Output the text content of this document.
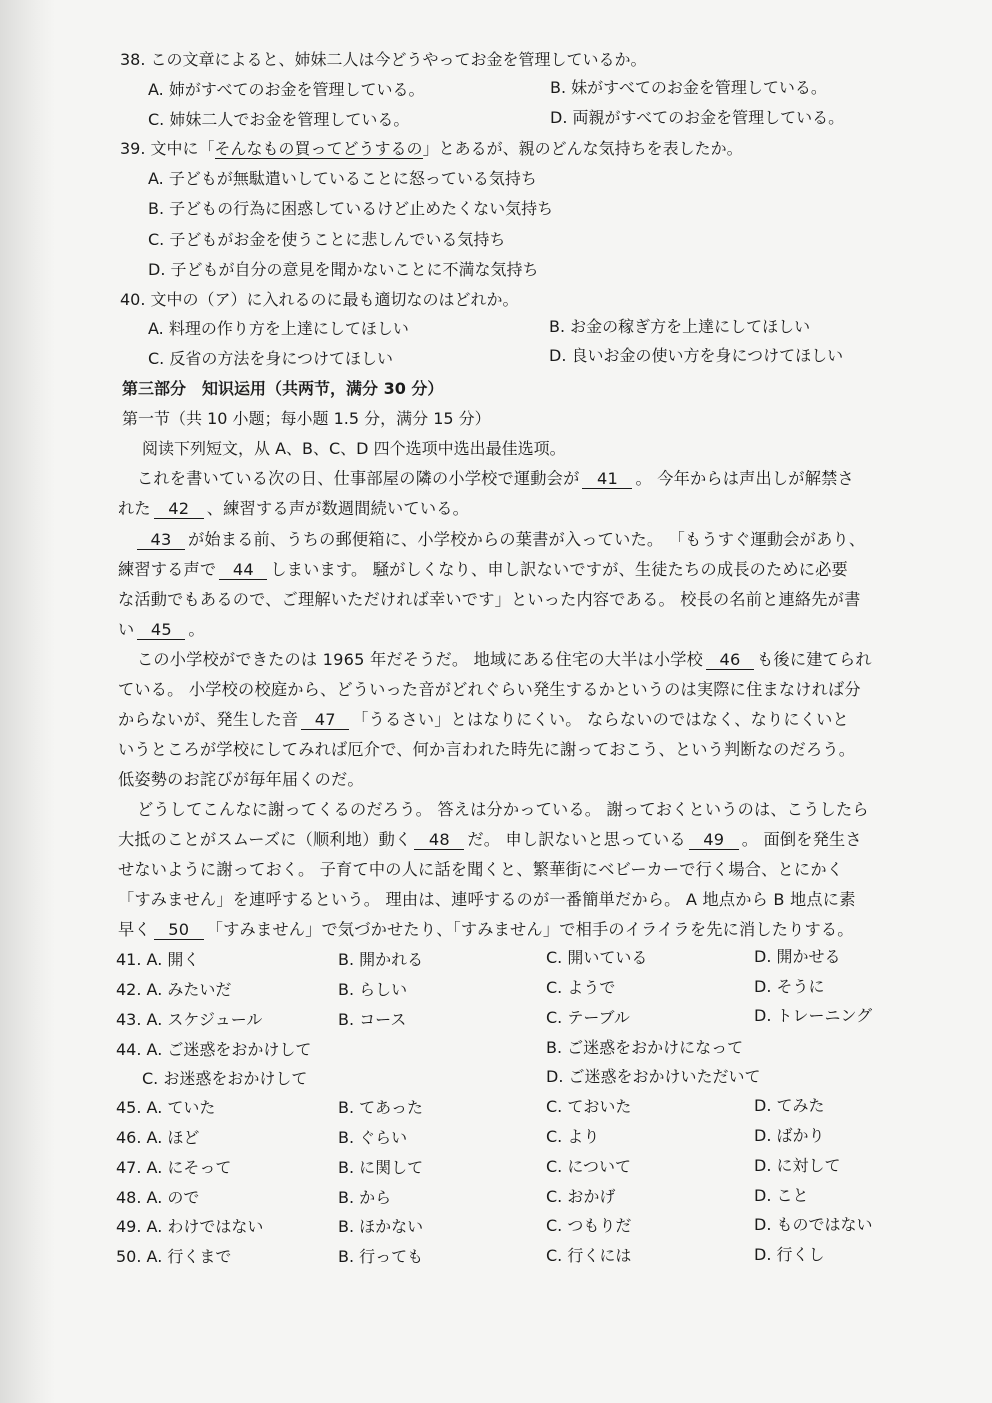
38. この文章によると、姉妹二人は今どうやってお金を管理しているか。
A. 姉がすべてのお金を管理している。	B. 妹がすべてのお金を管理している。
C. 姉妹二人でお金を管理している。	D. 両親がすべてのお金を管理している。
39. 文中に「そんなもの買ってどうするの」とあるが、親のどんな気持ちを表したか。
A. 子どもが無駄遣いしていることに怒っている気持ち
B. 子どもの行為に困惑しているけど止めたくない気持ち
C. 子どもがお金を使うことに悲しんでいる気持ち
D. 子どもが自分の意見を聞かないことに不満な気持ち
40. 文中の（ア）に入れるのに最も適切なのはどれか。
A. 料理の作り方を上達にしてほしい	B. お金の稼ぎ方を上達にしてほしい
C. 反省の方法を身につけてほしい	D. 良いお金の使い方を身につけてほしい
第三部分　知识运用（共两节，满分 30 分）
第一节（共 10 小题；每小题 1.5 分，满分 15 分）
阅读下列短文，从 A、B、C、D 四个选项中选出最佳选项。
これを書いている次の日、仕事部屋の隣の小学校で運動会が 41 。 今年からは声出しが解禁さ
れた 42 、練習する声が数週間続いている。
43 が始まる前、うちの郵便箱に、小学校からの葉書が入っていた。 「もうすぐ運動会があり、
練習する声で 44 しまいます。 騒がしくなり、申し訳ないですが、生徒たちの成長のために必要
な活動でもあるので、ご理解いただければ幸いです」といった内容である。 校長の名前と連絡先が書
い 45 。
この小学校ができたのは 1965 年だそうだ。 地域にある住宅の大半は小学校 46 も後に建てられ
ている。 小学校の校庭から、どういった音がどれぐらい発生するかというのは実際に住まなければ分
からないが、発生した音 47 「うるさい」とはなりにくい。 ならないのではなく、なりにくいと
いうところが学校にしてみれば厄介で、何か言われた時先に謝っておこう、という判断なのだろう。
低姿勢のお詫びが毎年届くのだ。
どうしてこんなに謝ってくるのだろう。 答えは分かっている。 謝っておくというのは、こうしたら
大抵のことがスムーズに（顺利地）動く 48 だ。 申し訳ないと思っている 49 。 面倒を発生さ
せないように謝っておく。 子育て中の人に話を聞くと、繁華街にベビーカーで行く場合、とにかく
「すみません」を連呼するという。 理由は、連呼するのが一番簡単だから。 A 地点から B 地点に素
早く 50 「すみません」で気づかせたり、「すみません」で相手のイライラを先に消したりする。
41. A. 開く	B. 開かれる	C. 開いている	D. 開かせる
42. A. みたいだ	B. らしい	C. ようで	D. そうに
43. A. スケジュール	B. コース	C. テーブル	D. トレーニング
44. A. ご迷惑をおかけして	B. ご迷惑をおかけになって
C. お迷惑をおかけして	D. ご迷惑をおかけいただいて
45. A. ていた	B. てあった	C. ておいた	D. てみた
46. A. ほど	B. ぐらい	C. より	D. ばかり
47. A. にそって	B. に関して	C. について	D. に対して
48. A. ので	B. から	C. おかげ	D. こと
49. A. わけではない	B. ほかない	C. つもりだ	D. ものではない
50. A. 行くまで	B. 行っても	C. 行くには	D. 行くし
